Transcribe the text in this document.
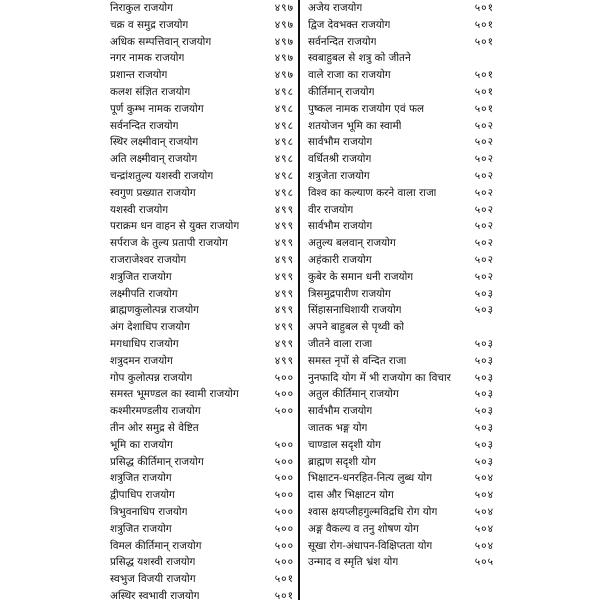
निराकुल राजयोग	४९७
चक्र व समुद्र राजयोग	४९७
अधिक सम्पत्तिवान् राजयोग	४९७
नगर नामक राजयोग	४९७
प्रशान्त राजयोग	४९७
कलश संज्ञित राजयोग	४९८
पूर्ण कुम्भ नामक राजयोग	४९८
सर्वनन्दित राजयोग	४९८
स्थिर लक्ष्मीवान् राजयोग	४९८
अति लक्ष्मीवान् राजयोग	४९८
चन्द्रांशतुल्य यशस्वी राजयोग	४९८
स्वगुण प्रख्यात राजयोग	४९८
यशस्वी राजयोग	४९९
पराक्रम धन वाहन से युक्त राजयोग	४९९
सर्पराज के तुल्य प्रतापी राजयोग	४९९
राजराजेश्वर राजयोग	४९९
शत्रुजित राजयोग	४९९
लक्ष्मीपति राजयोग	४९९
ब्राह्मणकुलोत्पन्न राजयोग	४९९
अंग देशाधिप राजयोग	४९९
मगधाधिप राजयोग	४९९
शत्रुदमन राजयोग	४९९
गोप कुलोत्पन्न राजयोग	५००
समस्त भूमण्डल का स्वामी राजयोग	५००
कश्मीरमण्डलीय राजयोग	५००
तीन ओर समुद्र से वेष्टित
भूमि का राजयोग	५००
प्रसिद्ध कीर्तिमान् राजयोग	५००
शत्रुजित राजयोग	५००
द्वीपाधिप राजयोग	५००
त्रिभुवनाधिप राजयोग	५००
शत्रुजित राजयोग	५००
विमल कीर्तिमान् राजयोग	५००
प्रसिद्ध यशस्वी राजयोग	५००
स्वभुज विजयी राजयोग	५०१
अस्थिर स्वभावी राजयोग	५०१
अजेय राजयोग	५०१
द्विज देवभक्त राजयोग	५०१
सर्वनन्दित राजयोग	५०१
स्वबाहुबल से शत्रु को जीतने
वाले राजा का राजयोग	५०१
कीर्तिमान् राजयोग	५०१
पुष्कल नामक राजयोग एवं फल	५०१
शतयोजन भूमि का स्वामी	५०२
सार्वभौम राजयोग	५०२
वर्धितश्री राजयोग	५०२
शत्रुजेता राजयोग	५०२
विश्व का कल्याण करने वाला राजा	५०२
वीर राजयोग	५०२
सार्वभौम राजयोग	५०२
अतुल्य बलवान् राजयोग	५०२
अहंकारी राजयोग	५०२
कुबेर के समान धनी राजयोग	५०२
त्रिसमुद्रपारीण राजयोग	५०३
सिंहासनाधिशायी राजयोग	५०३
अपने बाहुबल से पृथ्वी को
जीतने वाला राजा	५०३
समस्त नृपों से वन्दित राजा	५०३
नुनफादि योग में भी राजयोग का विचार ५०३
अतुल कीर्तिमान् राजयोग	५०३
सार्वभौम राजयोग	५०३
जातक भङ्ग योग	५०३
चाण्डाल सदृशी योग	५०३
ब्राह्मण सदृशी योग	५०३
भिक्षाटन-धनरहित-नित्य लुब्ध योग	५०४
दास और भिक्षाटन योग	५०४
श्वास क्षयप्लीहगुल्मविद्रधि रोग योग	५०४
अङ्ग वैकल्य व तनु शोषण योग	५०४
सूखा रोग-अंधापन-विक्षिप्तता योग	५०४
उन्माद व स्मृति भ्रंश योग	५०५
